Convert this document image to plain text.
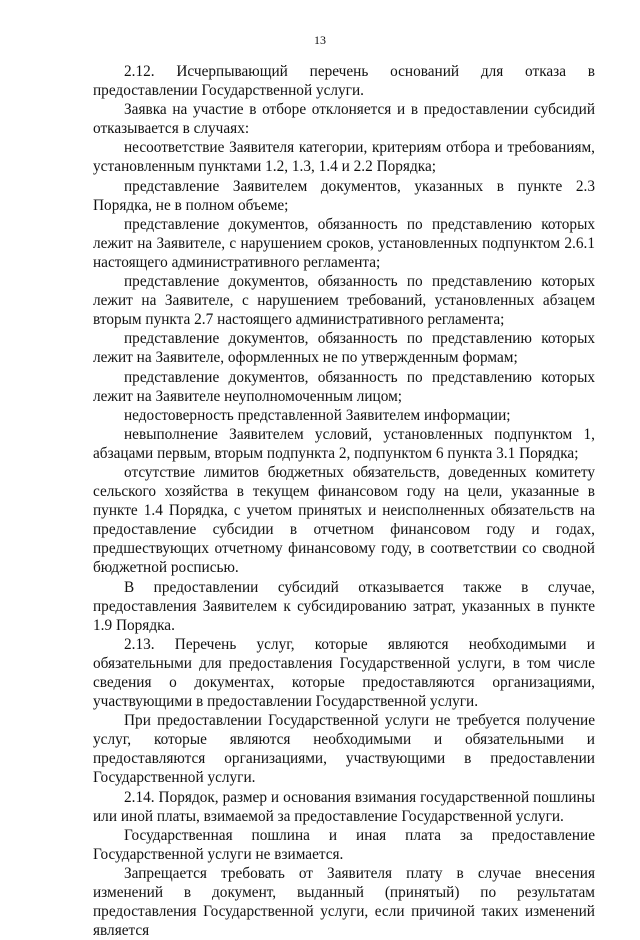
13

2.12. Исчерпывающий перечень оснований для отказа в предоставлении Государственной услуги.

Заявка на участие в отборе отклоняется и в предоставлении субсидий отказывается в случаях:

несоответствие Заявителя категории, критериям отбора и требованиям, установленным пунктами 1.2, 1.3, 1.4 и 2.2 Порядка;

представление Заявителем документов, указанных в пункте 2.3 Порядка, не в полном объеме;

представление документов, обязанность по представлению которых лежит на Заявителе, с нарушением сроков, установленных подпунктом 2.6.1 настоящего административного регламента;

представление документов, обязанность по представлению которых лежит на Заявителе, с нарушением требований, установленных абзацем вторым пункта 2.7 настоящего административного регламента;

представление документов, обязанность по представлению которых лежит на Заявителе, оформленных не по утвержденным формам;

представление документов, обязанность по представлению которых лежит на Заявителе неуполномоченным лицом;

недостоверность представленной Заявителем информации;

невыполнение Заявителем условий, установленных подпунктом 1, абзацами первым, вторым подпункта 2, подпунктом 6 пункта 3.1 Порядка;

отсутствие лимитов бюджетных обязательств, доведенных комитету сельского хозяйства в текущем финансовом году на цели, указанные в пункте 1.4 Порядка, с учетом принятых и неисполненных обязательств на предоставление субсидии в отчетном финансовом году и годах, предшествующих отчетному финансовому году, в соответствии со сводной бюджетной росписью.

В предоставлении субсидий отказывается также в случае, предоставления Заявителем к субсидированию затрат, указанных в пункте 1.9 Порядка.

2.13. Перечень услуг, которые являются необходимыми и обязательными для предоставления Государственной услуги, в том числе сведения о документах, которые предоставляются организациями, участвующими в предоставлении Государственной услуги.

При предоставлении Государственной услуги не требуется получение услуг, которые являются необходимыми и обязательными и предоставляются организациями, участвующими в предоставлении Государственной услуги.

2.14. Порядок, размер и основания взимания государственной пошлины или иной платы, взимаемой за предоставление Государственной услуги.

Государственная пошлина и иная плата за предоставление Государственной услуги не взимается.

Запрещается требовать от Заявителя плату в случае внесения изменений в документ, выданный (принятый) по результатам предоставления Государственной услуги, если причиной таких изменений является
